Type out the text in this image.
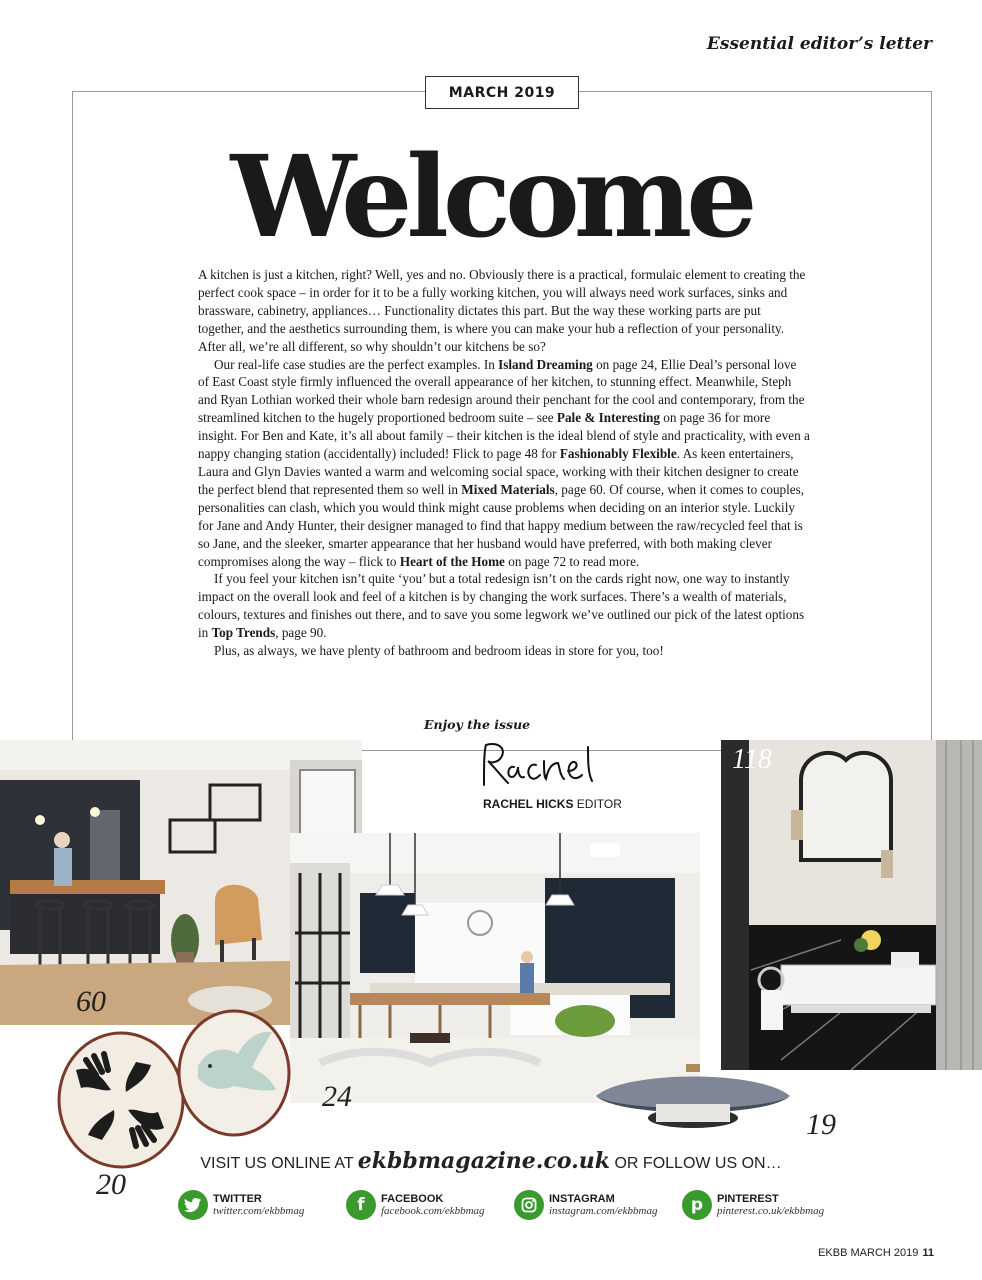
Essential editor’s letter
MARCH 2019
Welcome

A kitchen is just a kitchen, right? Well, yes and no. Obviously there is a practical, formulaic element to creating the perfect cook space – in order for it to be a fully working kitchen, you will always need work surfaces, sinks and brassware, cabinetry, appliances… Functionality dictates this part. But the way these working parts are put together, and the aesthetics surrounding them, is where you can make your hub a reflection of your personality. After all, we’re all different, so why shouldn’t our kitchens be so?

Our real-life case studies are the perfect examples. In Island Dreaming on page 24, Ellie Deal’s personal love of East Coast style firmly influenced the overall appearance of her kitchen, to stunning effect. Meanwhile, Steph and Ryan Lothian worked their whole barn redesign around their penchant for the cool and contemporary, from the streamlined kitchen to the hugely proportioned bedroom suite – see Pale & Interesting on page 36 for more insight. For Ben and Kate, it’s all about family – their kitchen is the ideal blend of style and practicality, with even a nappy changing station (accidentally) included! Flick to page 48 for Fashionably Flexible. As keen entertainers, Laura and Glyn Davies wanted a warm and welcoming social space, working with their kitchen designer to create the perfect blend that represented them so well in Mixed Materials, page 60. Of course, when it comes to couples, personalities can clash, which you would think might cause problems when deciding on an interior style. Luckily for Jane and Andy Hunter, their designer managed to find that happy medium between the raw/recycled feel that is so Jane, and the sleeker, smarter appearance that her husband would have preferred, with both making clever compromises along the way – flick to Heart of the Home on page 72 to read more.

If you feel your kitchen isn’t quite ‘you’ but a total redesign isn’t on the cards right now, one way to instantly impact on the overall look and feel of a kitchen is by changing the work surfaces. There’s a wealth of materials, colours, textures and finishes out there, and to save you some legwork we’ve outlined our pick of the latest options in Top Trends, page 90.

Plus, as always, we have plenty of bathroom and bedroom ideas in store for you, too!

Enjoy the issue
RACHEL HICKS EDITOR
60
118
24
20
19
VISIT US ONLINE AT ekbbmagazine.co.uk OR FOLLOW US ON…
TWITTER
twitter.com/ekbbmag	f	FACEBOOK
facebook.com/ekbbmag
INSTAGRAM
instagram.com/ekbbmag	p	PINTEREST
pinterest.co.uk/ekbbmag
EKBB MARCH 2019 11
